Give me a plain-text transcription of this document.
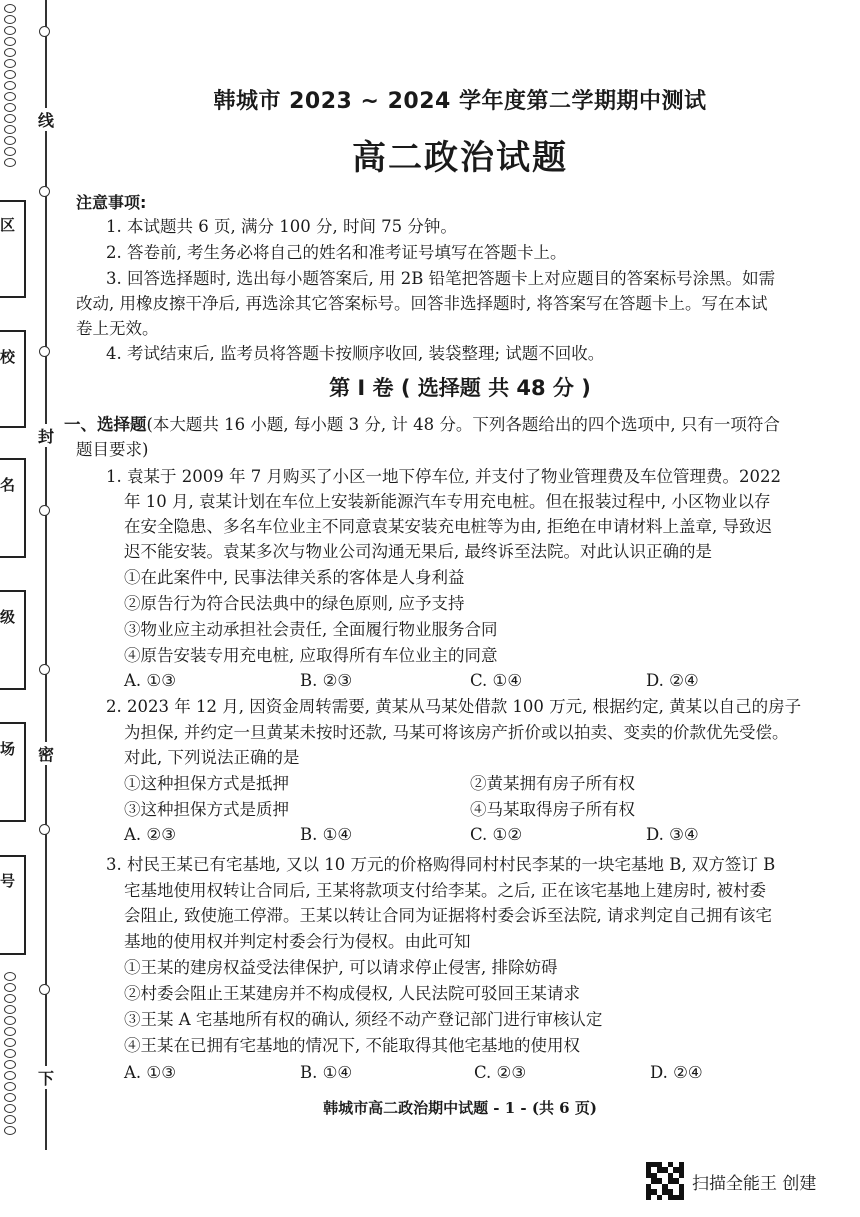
区
校
名
级
场
号
线
封
密
下
韩城市 2023 ~ 2024 学年度第二学期期中测试
高二政治试题
注意事项:
1. 本试题共 6 页, 满分 100 分, 时间 75 分钟。
2. 答卷前, 考生务必将自己的姓名和准考证号填写在答题卡上。
3. 回答选择题时, 选出每小题答案后, 用 2B 铅笔把答题卡上对应题目的答案标号涂黑。如需
改动, 用橡皮擦干净后, 再选涂其它答案标号。回答非选择题时, 将答案写在答题卡上。写在本试
卷上无效。
4. 考试结束后, 监考员将答题卡按顺序收回, 装袋整理; 试题不回收。
第 Ⅰ 卷 ( 选择题 共 48 分 )
一、选择题(本大题共 16 小题, 每小题 3 分, 计 48 分。下列各题给出的四个选项中, 只有一项符合
题目要求)
1. 袁某于 2009 年 7 月购买了小区一地下停车位, 并支付了物业管理费及车位管理费。2022
年 10 月, 袁某计划在车位上安装新能源汽车专用充电桩。但在报装过程中, 小区物业以存
在安全隐患、多名车位业主不同意袁某安装充电桩等为由, 拒绝在申请材料上盖章, 导致迟
迟不能安装。袁某多次与物业公司沟通无果后, 最终诉至法院。对此认识正确的是
①在此案件中, 民事法律关系的客体是人身利益
②原告行为符合民法典中的绿色原则, 应予支持
③物业应主动承担社会责任, 全面履行物业服务合同
④原告安装专用充电桩, 应取得所有车位业主的同意
A. ①③	B. ②③	C. ①④	D. ②④
2. 2023 年 12 月, 因资金周转需要, 黄某从马某处借款 100 万元, 根据约定, 黄某以自己的房子
为担保, 并约定一旦黄某未按时还款, 马某可将该房产折价或以拍卖、变卖的价款优先受偿。
对此, 下列说法正确的是
①这种担保方式是抵押	②黄某拥有房子所有权
③这种担保方式是质押	④马某取得房子所有权
A. ②③	B. ①④	C. ①②	D. ③④
3. 村民王某已有宅基地, 又以 10 万元的价格购得同村村民李某的一块宅基地 B, 双方签订 B
宅基地使用权转让合同后, 王某将款项支付给李某。之后, 正在该宅基地上建房时, 被村委
会阻止, 致使施工停滞。王某以转让合同为证据将村委会诉至法院, 请求判定自己拥有该宅
基地的使用权并判定村委会行为侵权。由此可知
①王某的建房权益受法律保护, 可以请求停止侵害, 排除妨碍
②村委会阻止王某建房并不构成侵权, 人民法院可驳回王某请求
③王某 A 宅基地所有权的确认, 须经不动产登记部门进行审核认定
④王某在已拥有宅基地的情况下, 不能取得其他宅基地的使用权
A. ①③	B. ①④	C. ②③	D. ②④
韩城市高二政治期中试题 - 1 - (共 6 页)
扫描全能王 创建
